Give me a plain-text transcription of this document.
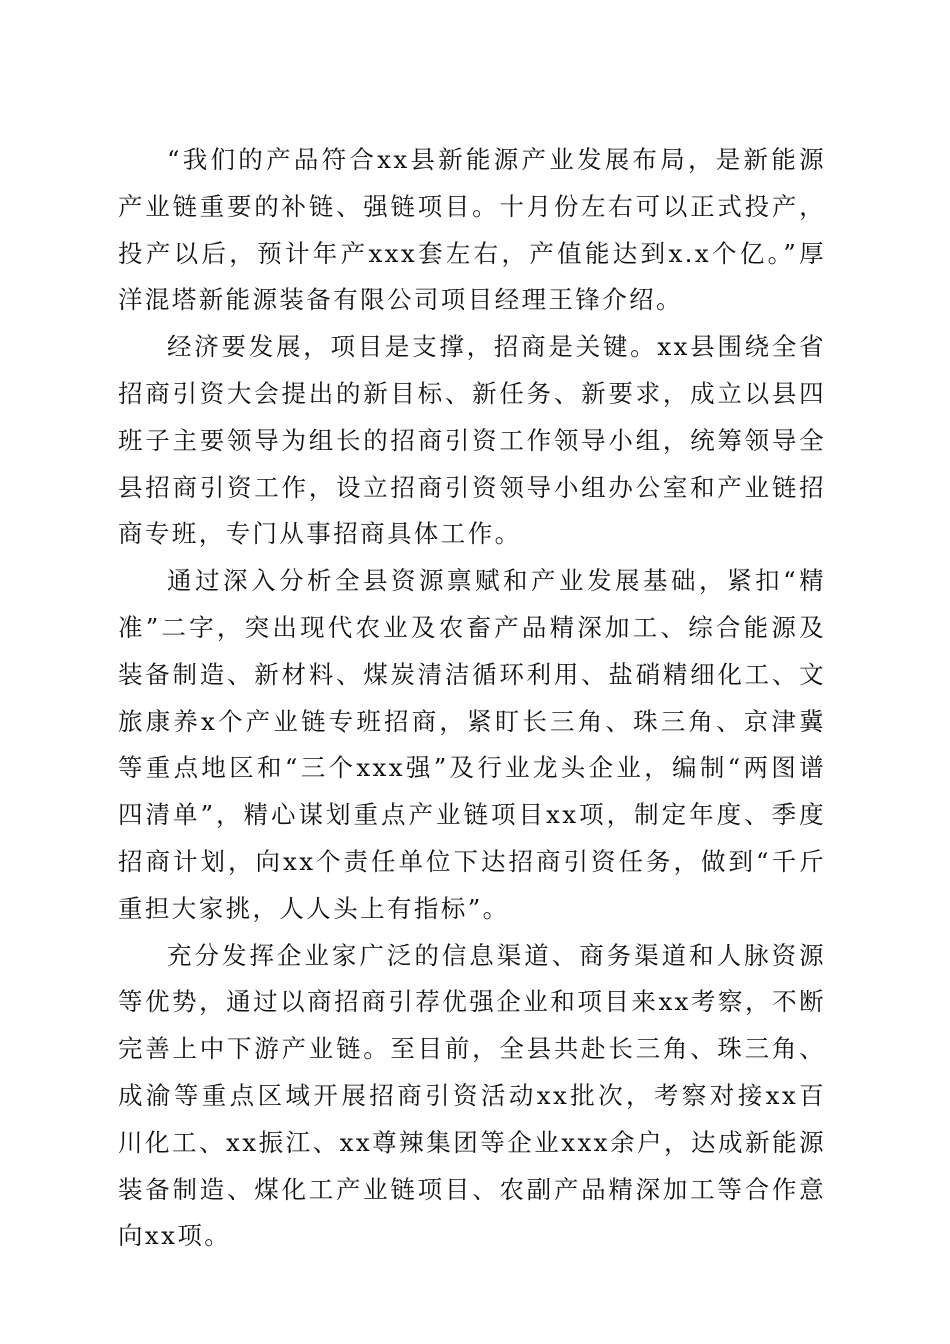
“我们的产品符合xx县新能源产业发展布局，是新能源产业链重要的补链、强链项目。十月份左右可以正式投产，投产以后，预计年产xxx套左右，产值能达到x.x个亿。”厚洋混塔新能源装备有限公司项目经理王锋介绍。

经济要发展，项目是支撑，招商是关键。xx县围绕全省招商引资大会提出的新目标、新任务、新要求，成立以县四班子主要领导为组长的招商引资工作领导小组，统筹领导全县招商引资工作，设立招商引资领导小组办公室和产业链招商专班，专门从事招商具体工作。

通过深入分析全县资源禀赋和产业发展基础，紧扣“精准”二字，突出现代农业及农畜产品精深加工、综合能源及装备制造、新材料、煤炭清洁循环利用、盐硝精细化工、文旅康养x个产业链专班招商，紧盯长三角、珠三角、京津冀等重点地区和“三个xxx强”及行业龙头企业，编制“两图谱四清单”，精心谋划重点产业链项目xx项，制定年度、季度招商计划，向xx个责任单位下达招商引资任务，做到“千斤重担大家挑，人人头上有指标”。

充分发挥企业家广泛的信息渠道、商务渠道和人脉资源等优势，通过以商招商引荐优强企业和项目来xx考察，不断完善上中下游产业链。至目前，全县共赴长三角、珠三角、成渝等重点区域开展招商引资活动xx批次，考察对接xx百川化工、xx振江、xx尊辣集团等企业xxx余户，达成新能源装备制造、煤化工产业链项目、农副产品精深加工等合作意向xx项。
